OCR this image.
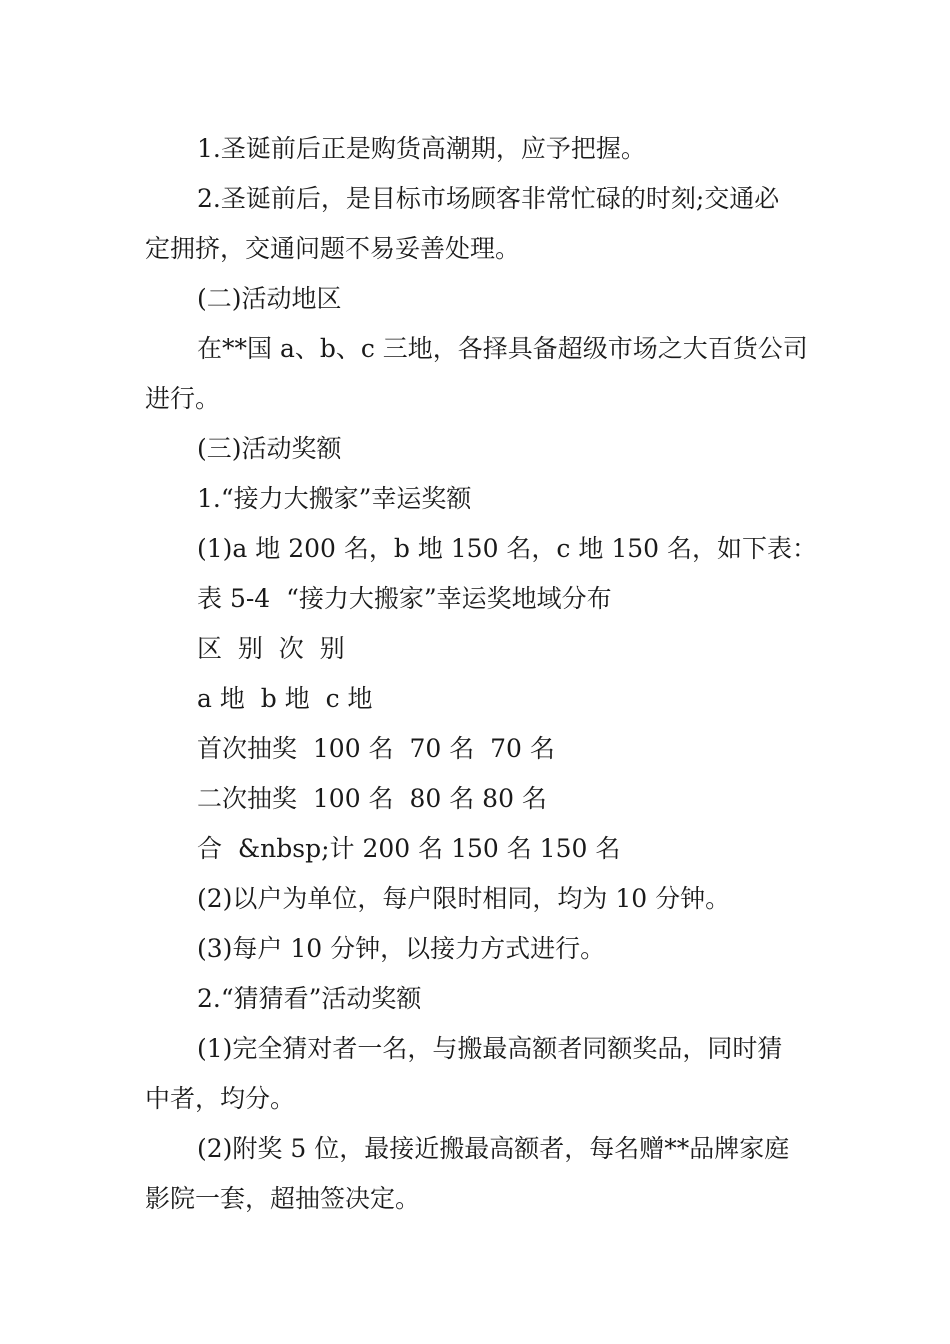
1.圣诞前后正是购货高潮期，应予把握。

2.圣诞前后，是目标市场顾客非常忙碌的时刻;交通必

定拥挤，交通问题不易妥善处理。

(二)活动地区

在**国 a、b、c 三地，各择具备超级市场之大百货公司

进行。

(三)活动奖额

1.“接力大搬家”幸运奖额

(1)a 地 200 名，b 地 150 名，c 地 150 名，如下表：

表 5-4  “接力大搬家”幸运奖地域分布

区  别  次  别

a 地  b 地  c 地

首次抽奖  100 名  70 名  70 名

二次抽奖  100 名  80 名 80 名

合  &nbsp;计 200 名 150 名 150 名

(2)以户为单位，每户限时相同，均为 10 分钟。

(3)每户 10 分钟，以接力方式进行。

2.“猜猜看”活动奖额

(1)完全猜对者一名，与搬最高额者同额奖品，同时猜

中者，均分。

(2)附奖 5 位，最接近搬最高额者，每名赠**品牌家庭

影院一套，超抽签决定。
